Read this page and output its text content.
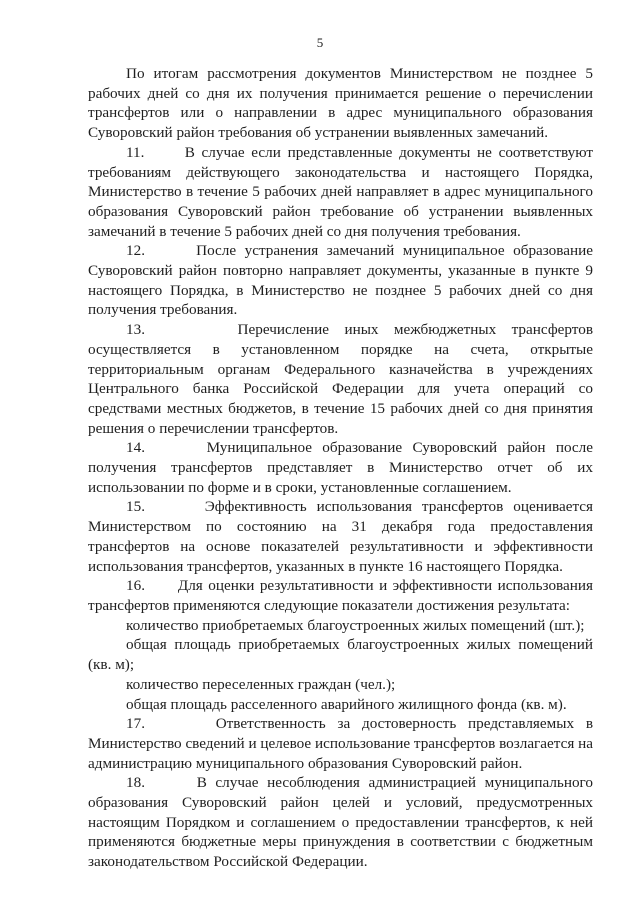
5

По итогам рассмотрения документов Министерством не позднее 5 рабочих дней со дня их получения принимается решение о перечислении трансфертов или о направлении в адрес муниципального образования Суворовский район требования об устранении выявленных замечаний.

11.      В случае если представленные документы не соответствуют требованиям действующего законодательства и настоящего Порядка, Министерство в течение 5 рабочих дней направляет в адрес муниципального образования Суворовский район требование об устранении выявленных замечаний в течение 5 рабочих дней со дня получения требования.

12.      После устранения замечаний муниципальное образование Суворовский район повторно направляет документы, указанные в пункте 9 настоящего Порядка, в Министерство не позднее 5 рабочих дней со дня получения требования.

13.      Перечисление иных межбюджетных трансфертов осуществляется в установленном порядке на счета, открытые территориальным органам Федерального казначейства в учреждениях Центрального банка Российской Федерации для учета операций со средствами местных бюджетов, в течение 15 рабочих дней со дня принятия решения о перечислении трансфертов.

14.      Муниципальное образование Суворовский район после получения трансфертов представляет в Министерство отчет об их использовании по форме и в сроки, установленные соглашением.

15.      Эффективность использования трансфертов оценивается Министерством по состоянию на 31 декабря года предоставления трансфертов на основе показателей результативности и эффективности использования трансфертов, указанных в пункте 16 настоящего Порядка.

16.      Для оценки результативности и эффективности использования трансфертов применяются следующие показатели достижения результата:

количество приобретаемых благоустроенных жилых помещений (шт.);

общая площадь приобретаемых благоустроенных жилых помещений (кв. м);

количество переселенных граждан (чел.);

общая площадь расселенного аварийного жилищного фонда (кв. м).

17.      Ответственность за достоверность представляемых в Министерство сведений и целевое использование трансфертов возлагается на администрацию муниципального образования Суворовский район.

18.      В случае несоблюдения администрацией муниципального образования Суворовский район целей и условий, предусмотренных настоящим Порядком и соглашением о предоставлении трансфертов, к ней применяются бюджетные меры принуждения в соответствии с бюджетным законодательством Российской Федерации.
